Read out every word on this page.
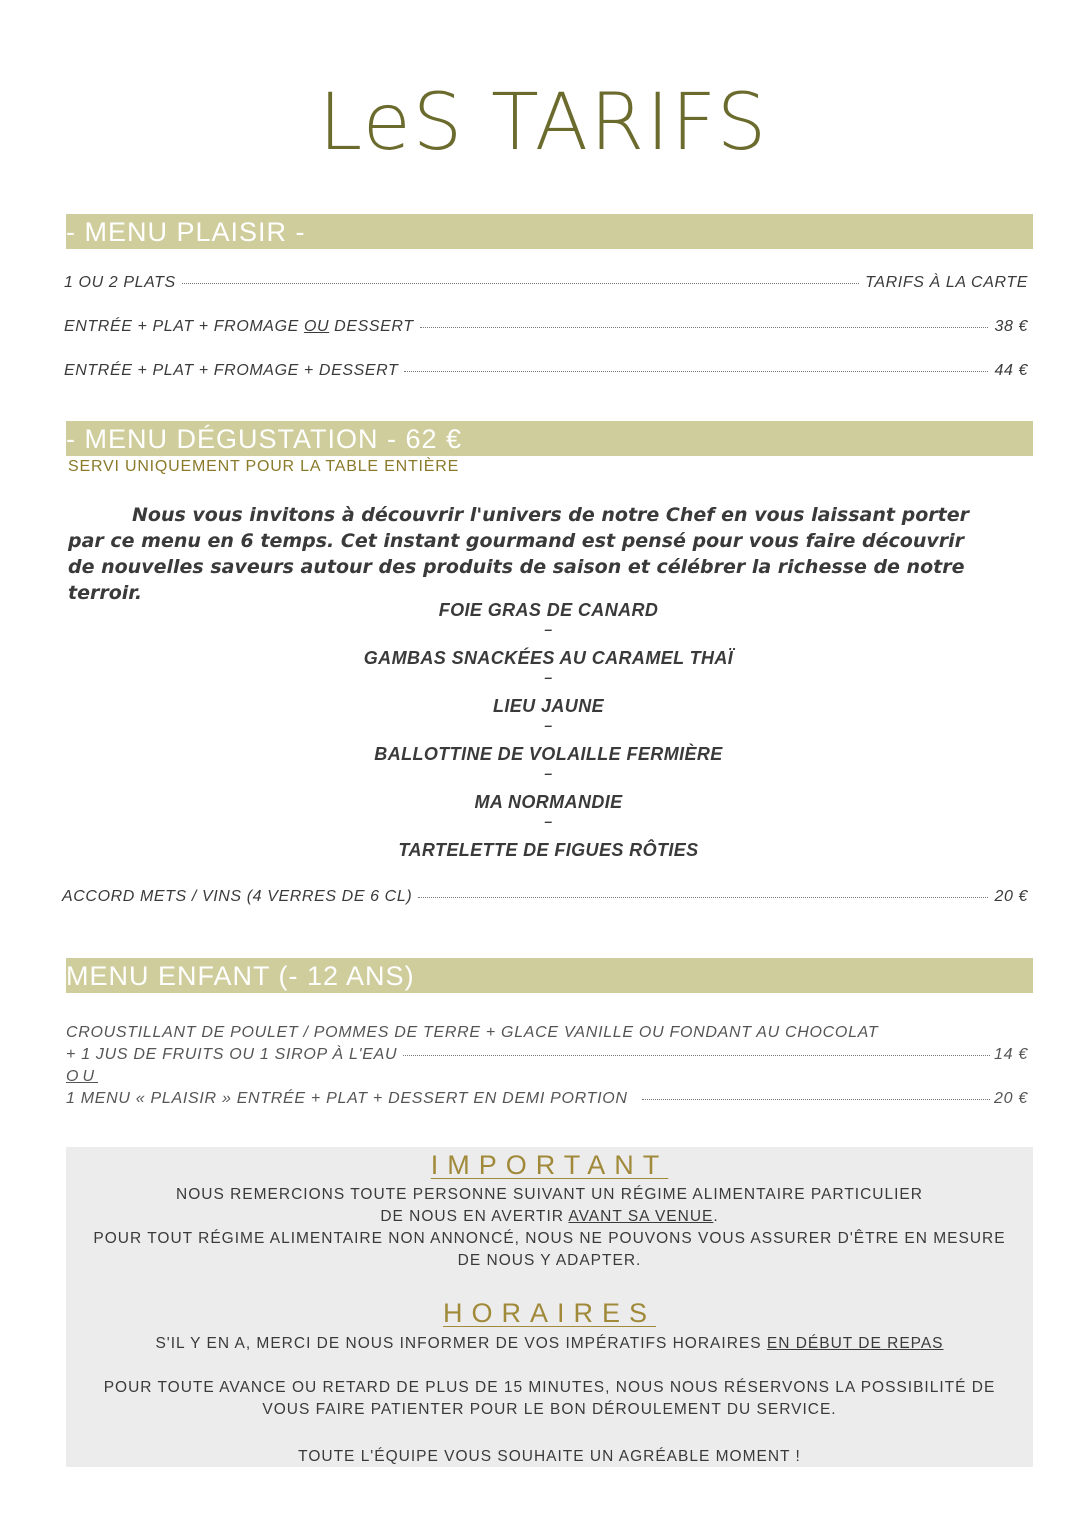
LeS TARIFS
- MENU PLAISIR -
1 OU 2 PLATS	TARIFS À LA CARTE
ENTRÉE + PLAT + FROMAGE OU DESSERT	38 €
ENTRÉE + PLAT + FROMAGE + DESSERT	44 €
- MENU DÉGUSTATION - 62 €
SERVI UNIQUEMENT POUR LA TABLE ENTIÈRE
Nous vous invitons à découvrir l'univers de notre Chef en vous laissant porter par ce menu en 6 temps. Cet instant gourmand est pensé pour vous faire découvrir de nouvelles saveurs autour des produits de saison et célébrer la richesse de notre terroir.
FOIE GRAS DE CANARD
–
GAMBAS SNACKÉES AU CARAMEL THAÏ
–
LIEU JAUNE
–
BALLOTTINE DE VOLAILLE FERMIÈRE
–
MA NORMANDIE
–
TARTELETTE DE FIGUES RÔTIES
ACCORD METS / VINS (4 VERRES DE 6 CL)	20 €
MENU ENFANT (- 12 ANS)
CROUSTILLANT DE POULET / POMMES DE TERRE + GLACE VANILLE OU FONDANT AU CHOCOLAT
+ 1 JUS DE FRUITS OU 1 SIROP À L'EAU	14 €
OU
1 MENU « PLAISIR » ENTRÉE + PLAT + DESSERT EN DEMI PORTION	20 €
IMPORTANT
NOUS REMERCIONS TOUTE PERSONNE SUIVANT UN RÉGIME ALIMENTAIRE PARTICULIER
DE NOUS EN AVERTIR AVANT SA VENUE.
POUR TOUT RÉGIME ALIMENTAIRE NON ANNONCÉ, NOUS NE POUVONS VOUS ASSURER D'ÊTRE EN MESURE
DE NOUS Y ADAPTER.
HORAIRES
S'IL Y EN A, MERCI DE NOUS INFORMER DE VOS IMPÉRATIFS HORAIRES EN DÉBUT DE REPAS
POUR TOUTE AVANCE OU RETARD DE PLUS DE 15 MINUTES, NOUS NOUS RÉSERVONS LA POSSIBILITÉ DE
VOUS FAIRE PATIENTER POUR LE BON DÉROULEMENT DU SERVICE.
TOUTE L'ÉQUIPE VOUS SOUHAITE UN AGRÉABLE MOMENT !
